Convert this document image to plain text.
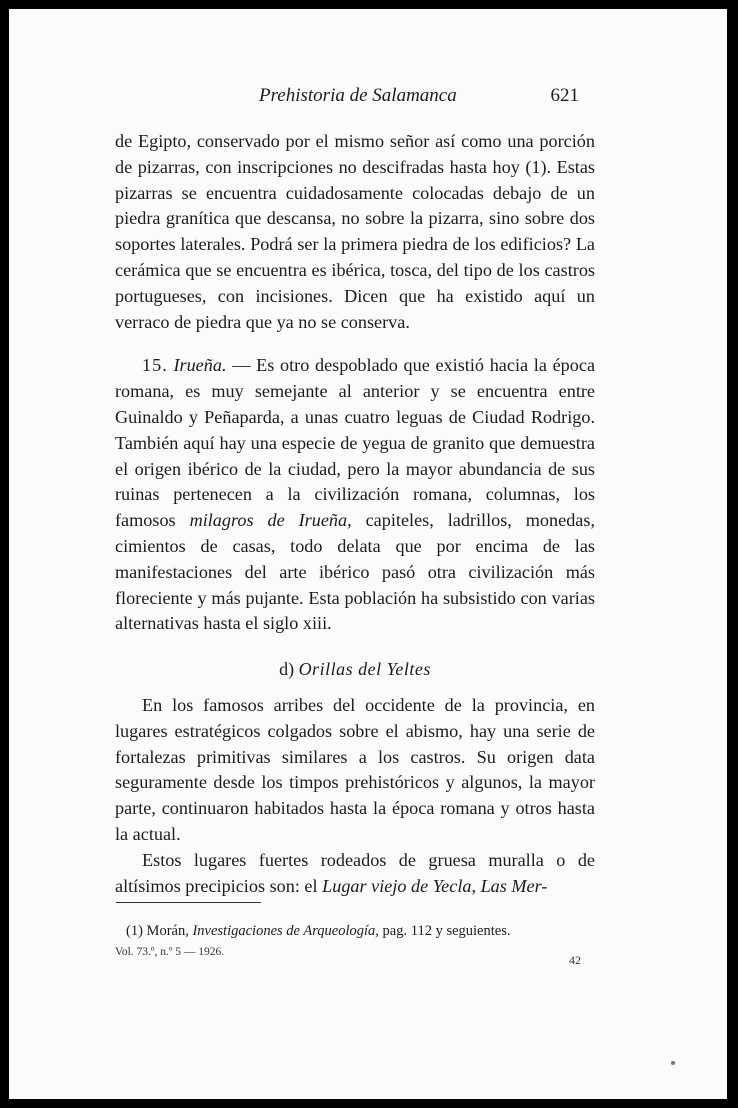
Prehistoria de Salamanca	621

de Egipto, conservado por el mismo señor así como una porción de pizarras, con inscripciones no descifradas hasta hoy (1). Estas pizarras se encuentra cuidadosamente colocadas debajo de un piedra granítica que descansa, no sobre la pizarra, sino sobre dos soportes laterales. Podrá ser la primera piedra de los edificios? La cerámica que se encuentra es ibérica, tosca, del tipo de los castros portugueses, con incisiones. Dicen que ha existido aquí un verraco de piedra que ya no se conserva.

15. Irueña. — Es otro despoblado que existió hacia la época romana, es muy semejante al anterior y se encuentra entre Guinaldo y Peñaparda, a unas cuatro leguas de Ciudad Rodrigo. También aquí hay una especie de yegua de granito que demuestra el origen ibérico de la ciudad, pero la mayor abundancia de sus ruinas pertenecen a la civilización romana, columnas, los famosos milagros de Irueña, capiteles, ladrillos, monedas, cimientos de casas, todo delata que por encima de las manifestaciones del arte ibérico pasó otra civilización más floreciente y más pujante. Esta población ha subsistido con varias alternativas hasta el siglo xiii.

d) Orillas del Yeltes

En los famosos arribes del occidente de la provincia, en lugares estratégicos colgados sobre el abismo, hay una serie de fortalezas primitivas similares a los castros. Su origen data seguramente desde los timpos prehistóricos y algunos, la mayor parte, continuaron habitados hasta la época romana y otros hasta la actual.

Estos lugares fuertes rodeados de gruesa muralla o de altísimos precipicios son: el Lugar viejo de Yecla, Las Mer-

(1) Morán, Investigaciones de Arqueología, pag. 112 y seguientes.
Vol. 73.º, n.º 5 — 1926.
42
